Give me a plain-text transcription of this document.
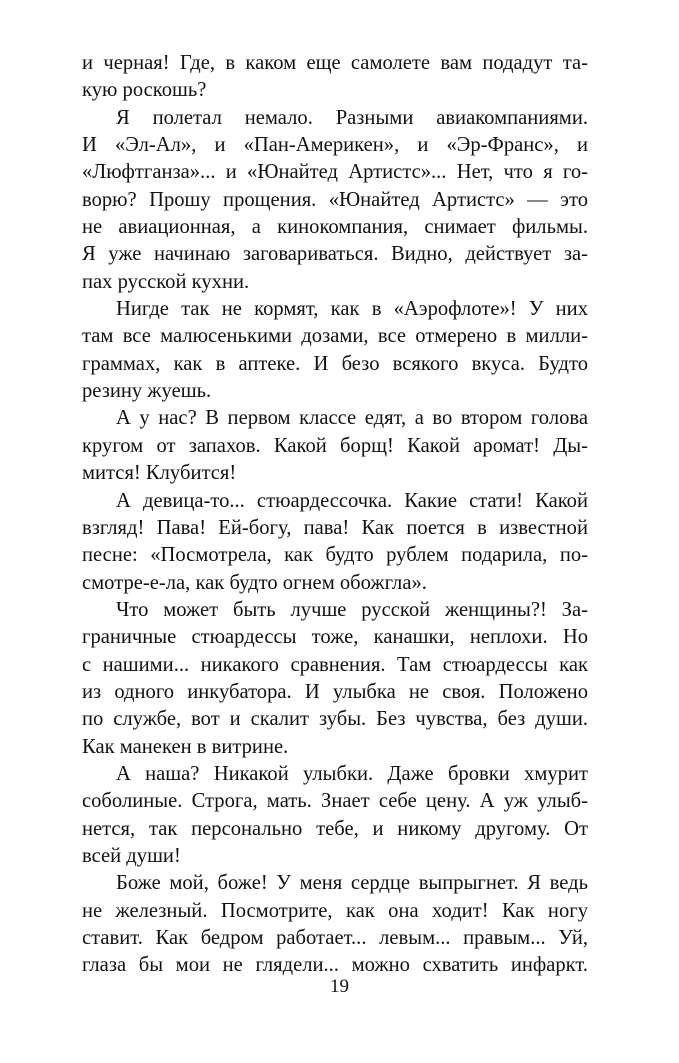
и черная! Где, в каком еще самолете вам подадут та-
кую роскошь?
Я полетал немало. Разными авиакомпаниями.
И «Эл-Ал», и «Пан-Америкен», и «Эр-Франс», и
«Люфтганза»... и «Юнайтед Артистс»... Нет, что я го-
ворю? Прошу прощения. «Юнайтед Артистс» — это
не авиационная, а кинокомпания, снимает фильмы.
Я уже начинаю заговариваться. Видно, действует за-
пах русской кухни.
Нигде так не кормят, как в «Аэрофлоте»! У них
там все малюсенькими дозами, все отмерено в милли-
граммах, как в аптеке. И безо всякого вкуса. Будто
резину жуешь.
А у нас? В первом классе едят, а во втором голова
кругом от запахов. Какой борщ! Какой аромат! Ды-
мится! Клубится!
А девица-то... стюардессочка. Какие стати! Какой
взгляд! Пава! Ей-богу, пава! Как поется в известной
песне: «Посмотрела, как будто рублем подарила, по-
смотре-е-ла, как будто огнем обожгла».
Что может быть лучше русской женщины?! За-
граничные стюардессы тоже, канашки, неплохи. Но
с нашими... никакого сравнения. Там стюардессы как
из одного инкубатора. И улыбка не своя. Положено
по службе, вот и скалит зубы. Без чувства, без души.
Как манекен в витрине.
А наша? Никакой улыбки. Даже бровки хмурит
соболиные. Строга, мать. Знает себе цену. А уж улыб-
нется, так персонально тебе, и никому другому. От
всей души!
Боже мой, боже! У меня сердце выпрыгнет. Я ведь
не железный. Посмотрите, как она ходит! Как ногу
ставит. Как бедром работает... левым... правым... Уй,
глаза бы мои не глядели... можно схватить инфаркт.
19
